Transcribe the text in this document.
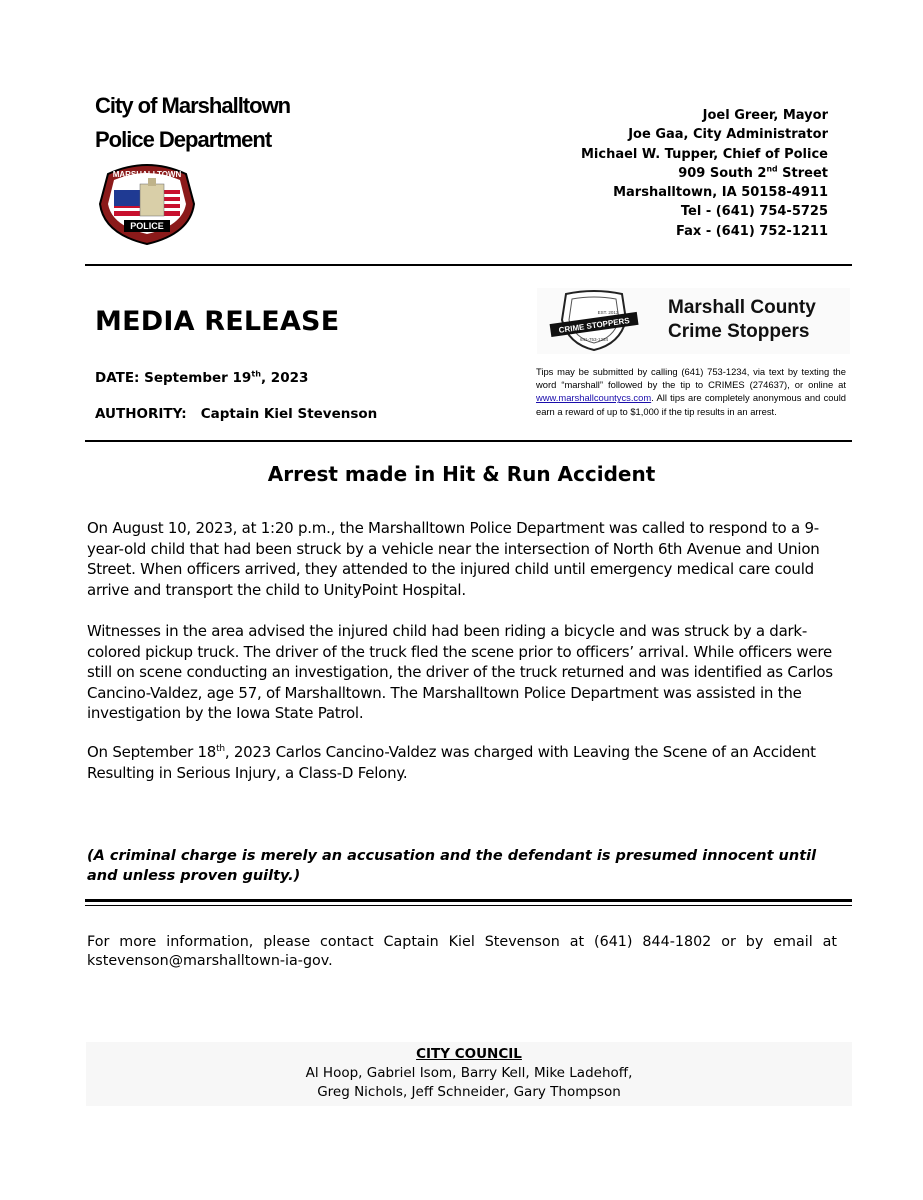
City of Marshalltown
Police Department
POLICE
MARSHALLTOWN
Joel Greer, Mayor
Joe Gaa, City Administrator
Michael W. Tupper, Chief of Police
909 South 2nd Street
Marshalltown, IA 50158-4911
Tel - (641) 754-5725
Fax - (641) 752-1211
MEDIA RELEASE
DATE: September 19th, 2023
AUTHORITY: Captain Kiel Stevenson
CRIME STOPPERS
EST. 2013
641-753-1234
Marshall County
Crime Stoppers
Tips may be submitted by calling (641) 753-1234, via text by texting the word “marshall” followed by the tip to CRIMES (274637), or online at www.marshallcountycs.com. All tips are completely anonymous and could earn a reward of up to $1,000 if the tip results in an arrest.
Arrest made in Hit & Run Accident

On August 10, 2023, at 1:20 p.m., the Marshalltown Police Department was called to respond to a 9-year-old child that had been struck by a vehicle near the intersection of North 6th Avenue and Union Street. When officers arrived, they attended to the injured child until emergency medical care could arrive and transport the child to UnityPoint Hospital.

Witnesses in the area advised the injured child had been riding a bicycle and was struck by a dark-colored pickup truck. The driver of the truck fled the scene prior to officers’ arrival. While officers were still on scene conducting an investigation, the driver of the truck returned and was identified as Carlos Cancino-Valdez, age 57, of Marshalltown. The Marshalltown Police Department was assisted in the investigation by the Iowa State Patrol.

On September 18th, 2023 Carlos Cancino-Valdez was charged with Leaving the Scene of an Accident Resulting in Serious Injury, a Class-D Felony.

(A criminal charge is merely an accusation and the defendant is presumed innocent until and unless proven guilty.)
For more information, please contact Captain Kiel Stevenson at (641) 844-1802 or by email at kstevenson@marshalltown-ia-gov.
CITY COUNCIL
Al Hoop, Gabriel Isom, Barry Kell, Mike Ladehoff,
Greg Nichols, Jeff Schneider, Gary Thompson
